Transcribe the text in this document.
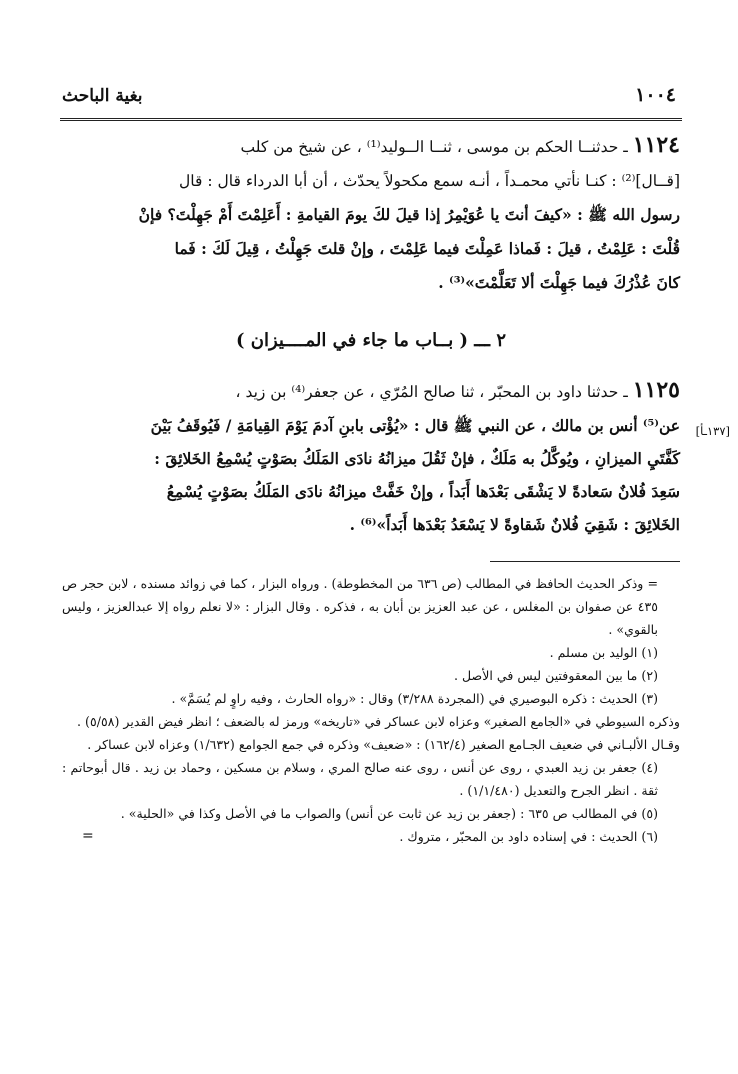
١٠٠٤
بغية الباحث

١١٢٤ ـ حدثنــا الحكم بن موسى ، ثنــا الــوليد⁽¹⁾ ، عن شيخ من كلب

[قــال]⁽²⁾ : كنـا نأتي محمـداً ، أنـه سمع مكحولاً يحدّث ، أن أبا الدرداء قال : قال

رسول الله ﷺ : «كيفَ أنتَ يا عُوَيْمِرُ إذا قيلَ لكَ يومَ القيامةِ : أَعَلِمْتَ أَمْ جَهِلْتَ؟ فإنْ

قُلْتَ : عَلِمْتُ ، قيلَ : فَماذا عَمِلْتَ فيما عَلِمْتَ ، وإنْ قلتَ جَهِلْتُ ، قِيلَ لَكَ : فَما

كانَ عُذْرُكَ فيما جَهِلْتَ ألا تَعَلَّمْتَ»⁽³⁾ .

٢ ـــ ( بــاب ما جاء في المــــيزان )
[١٣٧ـأ]

١١٢٥ ـ حدثنا داود بن المحبّر ، ثنا صالح المُرّي ، عن جعفر⁽⁴⁾ بن زيد ،

عن⁽⁵⁾ أنس بن مالك ، عن النبي ﷺ قال : «يُؤْتى بابنِ آدمَ يَوْمَ القِيامَةِ / فَيُوقَفُ بَيْنَ

كَفَّتَيِ الميزانِ ، ويُوكَّلُ به مَلَكٌ ، فإنْ ثَقُلَ ميزانُهُ نادَى المَلَكُ بصَوْتٍ يُسْمِعُ الخَلائِقَ :

سَعِدَ فُلانٌ سَعادةً لا يَشْقَى بَعْدَها أَبَداً ، وإنْ خَفَّتْ ميزانُهُ نادَى المَلَكُ بصَوْتٍ يُسْمِعُ

الخَلائِقَ : شَقِيَ فُلانٌ شَقاوةً لا يَسْعَدُ بَعْدَها أَبَداً»⁽⁶⁾ .

= وذكر الحديث الحافظ في المطالب (ص ٦٣٦ من المخطوطة) . ورواه البزار ، كما في زوائد مسنده ، لابن حجر ص ٤٣٥ عن صفوان بن المغلس ، عن عبد العزيز بن أبان به ، فذكره . وقال البزار : «لا نعلم رواه إلا عبدالعزيز ، وليس بالقوي» .

(١) الوليد بن مسلم .

(٢) ما بين المعقوفتين ليس في الأصل .

(٣) الحديث : ذكره البوصيري في (المجردة ٣/٢٨٨) وقال : «رواه الحارث ، وفيه راوٍ لم يُسَمَّ» .

وذكره السيوطي في «الجامع الصغير» وعزاه لابن عساكر في «تاريخه» ورمز له بالضعف ؛ انظر فيض القدير (٥/٥٨) .

وقـال الألبـاني في ضعيف الجـامع الصغير (١٦٢/٤) : «ضعيف» وذكره في جمع الجوامع (١/٦٣٢) وعزاه لابن عساكر .

(٤) جعفر بن زيد العبدي ، روى عن أنس ، روى عنه صالح المري ، وسلام بن مسكين ، وحماد بن زيد . قال أبوحاتم : ثقة . انظر الجرح والتعديل (١/١/٤٨٠) .

(٥) في المطالب ص ٦٣٥ : (جعفر بن زيد عن ثابت عن أنس) والصواب ما في الأصل وكذا في «الحلية» .

(٦) الحديث : في إسناده داود بن المحبّر ، متروك .
=
